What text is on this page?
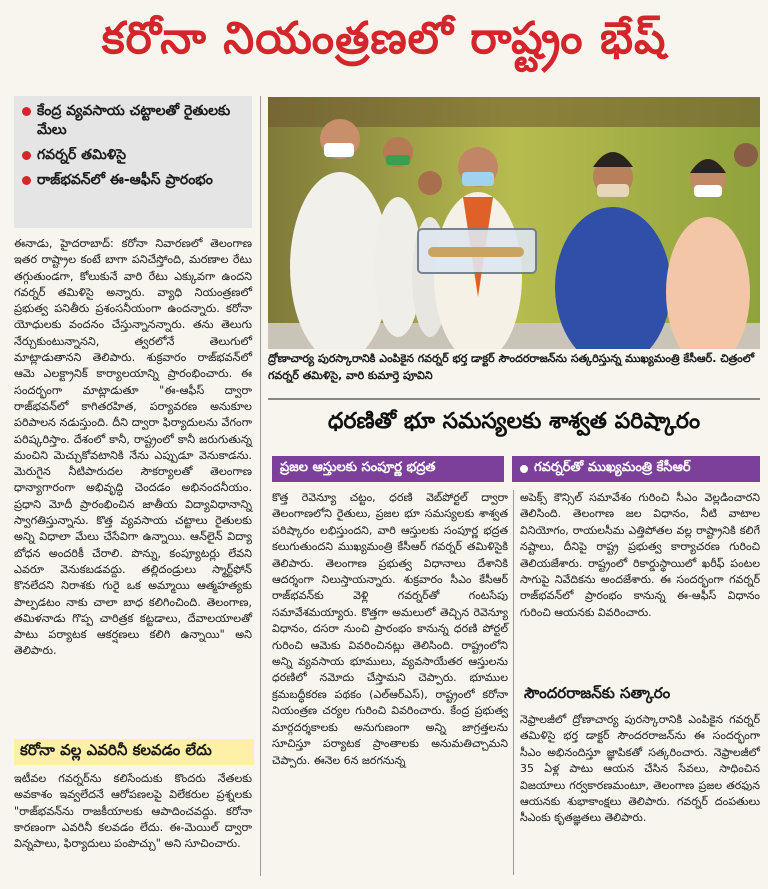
కరోనా నియంత్రణలో రాష్ట్రం భేష్
కేంద్ర వ్యవసాయ చట్టాలతో రైతులకు మేలు
గవర్నర్ తమిళిసై
రాజ్‌భవన్‌లో ఈ-ఆఫీస్ ప్రారంభం

ఈనాడు, హైదరాబాద్: కరోనా నివారణలో తెలంగాణ ఇతర రాష్ట్రాల కంటే బాగా పనిచేస్తోంది, మరణాల రేటు తగ్గుతుండగా, కోలుకునే వారి రేటు ఎక్కువగా ఉందని గవర్నర్ తమిళిసై అన్నారు. వ్యాధి నియంత్రణలో ప్రభుత్వ పనితీరు ప్రశంసనీయంగా ఉందన్నారు. కరోనా యోధులకు వందనం చేస్తున్నానన్నారు. తను తెలుగు నేర్చుకుంటున్నానని, త్వరలోనే తెలుగులో మాట్లాడుతానని తెలిపారు. శుక్రవారం రాజ్‌భవన్‌లో ఆమె ఎలక్ట్రానిక్ కార్యాలయాన్ని ప్రారంభించారు. ఈ సందర్భంగా మాట్లాడుతూ "ఈ-ఆఫీస్ ద్వారా రాజ్‌భవన్‌లో కాగితరహిత, పర్యావరణ అనుకూల పరిపాలన నడుస్తుంది. దీని ద్వారా ఫిర్యాదులను వేగంగా పరిష్కరిస్తాం. దేశంలో కానీ, రాష్ట్రంలో కానీ జరుగుతున్న మంచిని మెచ్చుకోవటానికి నేను ఎప్పుడూ వెనుకాడను. మెరుగైన నీటిపారుదల సౌకర్యాలతో తెలంగాణ ధాన్యాగారంగా అభివృద్ధి చెందడం అభినందనీయం. ప్రధాని మోదీ ప్రారంభించిన జాతీయ విద్యావిధానాన్ని స్వాగతిస్తున్నాను. కొత్త వ్యవసాయ చట్టాలు రైతులకు అన్ని విధాలా మేలు చేసేవిగా ఉన్నాయి. ఆన్‌లైన్ విద్యా బోధన అందరికీ చేరాలి. పొన్ను, కంప్యూటర్లు లేవని ఎవరూ వెనుకబడవద్దు. తల్లిదండ్రులు స్మార్ట్‌ఫోన్ కొనలేదని నిరాశకు గురై ఒక అమ్మాయి ఆత్మహత్యకు పాల్పడటం నాకు చాలా బాధ కలిగించింది. తెలంగాణ, తమిళనాడు గొప్ప చారిత్రక కట్టడాలు, దేవాలయాలతో పాటు పర్యాటక ఆకర్షణలు కలిగి ఉన్నాయి" అని తెలిపారు.

కరోనా వల్ల ఎవరినీ కలవడం లేదు

ఇటీవల గవర్నర్‌ను కలిసేందుకు కొందరు నేతలకు అవకాశం ఇవ్వలేదనే ఆరోపణలపై విలేకరుల ప్రశ్నలకు "రాజ్‌భవన్‌ను రాజకీయాలకు ఆపాదించవద్దు. కరోనా కారణంగా ఎవరినీ కలవడం లేదు. ఈ-మెయిల్ ద్వారా విన్నపాలు, ఫిర్యాదులు పంపొచ్చు" అని సూచించారు.

ద్రోణాచార్య పురస్కారానికి ఎంపికైన గవర్నర్ భర్త డాక్టర్ సౌందరరాజన్‌ను సత్కరిస్తున్న ముఖ్యమంత్రి కేసీఆర్. చిత్రంలో గవర్నర్ తమిళిసై, వారి కుమార్తె పూవిని
ధరణితో భూ సమస్యలకు శాశ్వత పరిష్కారం
ప్రజల ఆస్తులకు సంపూర్ణ భద్రత	గవర్నర్‌తో ముఖ్యమంత్రి కేసీఆర్

కొత్త రెవెన్యూ చట్టం, ధరణి వెబ్‌పోర్టల్ ద్వారా తెలంగాణలోని రైతులు, ప్రజల భూ సమస్యలకు శాశ్వత పరిష్కారం లభిస్తుందని, వారి ఆస్తులకు సంపూర్ణ భద్రత కలుగుతుందని ముఖ్యమంత్రి కేసీఆర్ గవర్నర్ తమిళిసైకి తెలిపారు. తెలంగాణ ప్రభుత్వ విధానాలు దేశానికి ఆదర్శంగా నిలుస్తాయన్నారు. శుక్రవారం సీఎం కేసీఆర్ రాజ్‌భవన్‌కు వెళ్లి గవర్నర్‌తో గంటసేపు సమావేశమయ్యారు. కొత్తగా అమలులో తెచ్చిన రెవెన్యూ విధానం, దసరా నుంచి ప్రారంభం కానున్న ధరణి పోర్టల్ గురించి ఆమెకు వివరించినట్లు తెలిసింది. రాష్ట్రంలోని అన్ని వ్యవసాయ భూములు, వ్యవసాయేతర ఆస్తులను ధరణిలో నమోదు చేస్తామని చెప్పారు. భూముల క్రమబద్ధీకరణ పథకం (ఎల్ఆర్ఎస్), రాష్ట్రంలో కరోనా నియంత్రణ చర్యల గురించి వివరించారు. కేంద్ర ప్రభుత్వ మార్గదర్శకాలకు అనుగుణంగా అన్ని జాగ్రత్తలను సూచిస్తూ పర్యాటక ప్రాంతాలకు అనుమతిచ్చామని చెప్పారు. ఈనెల 6న జరగనున్న

అపెక్స్ కౌన్సిల్ సమావేశం గురించి సీఎం వెల్లడించారని తెలిసింది. తెలంగాణ జల విధానం, నీటి వాటాల వినియోగం, రాయలసీమ ఎత్తిపోతల వల్ల రాష్ట్రానికి కలిగే నష్టాలు, దీనిపై రాష్ట్ర ప్రభుత్వ కార్యాచరణ గురించి తెలియజేశారు. రాష్ట్రంలో రికార్డుస్థాయిలో ఖరీఫ్ పంటల సాగుపై నివేదికను అందజేశారు. ఈ సందర్భంగా గవర్నర్ రాజ్‌భవన్‌లో ప్రారంభం కానున్న ఈ-ఆఫీస్ విధానం గురించి ఆయనకు వివరించారు.

సౌందరరాజన్‌కు సత్కారం

నెఫ్రాలజీలో ద్రోణాచార్య పురస్కారానికి ఎంపికైన గవర్నర్ తమిళిసై భర్త డాక్టర్ సౌందరరాజన్‌ను ఈ సందర్భంగా సీఎం అభినందిస్తూ జ్ఞాపికతో సత్కరించారు. నెఫ్రాలజీలో 35 ఏళ్ల పాటు ఆయన చేసిన సేవలు, సాధించిన విజయాలు గర్వకారణమంటూ, తెలంగాణ ప్రజల తరఫున ఆయనకు శుభాకాంక్షలు తెలిపారు. గవర్నర్ దంపతులు సీఎంకు కృతజ్ఞతలు తెలిపారు.
